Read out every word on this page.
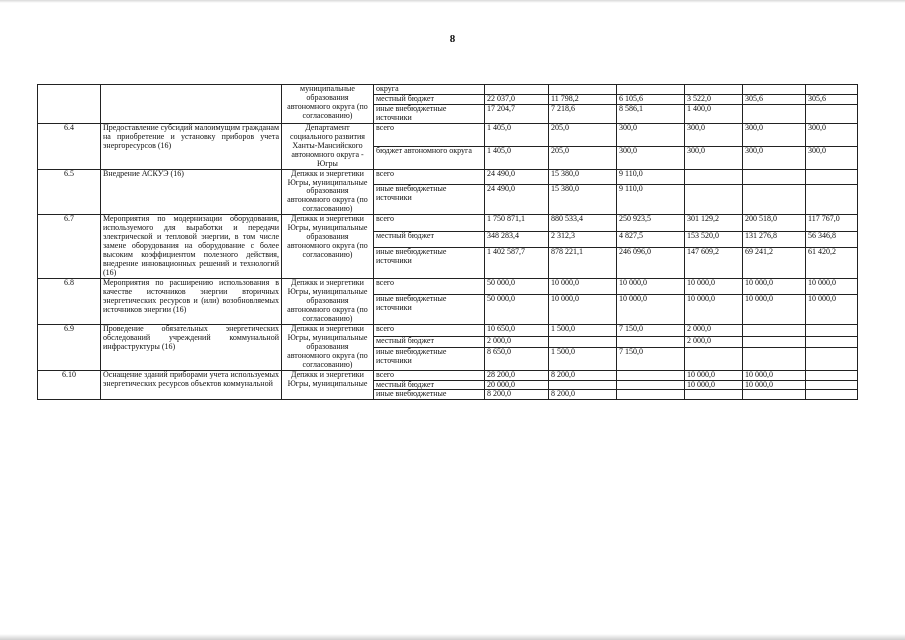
8
		муниципальные образования автономного округа (по согласованию)	округа						
			местный бюджет	22 037,0	11 798,2	6 105,6	3 522,0	305,6	305,6
			иные внебюджетные источники	17 204,7	7 218,6	8 586,1	1 400,0		
6.4	Предоставление субсидий малоимущим гражданам на приобретение и установку приборов учета энергоресурсов (16)	Департамент социального развития Ханты-Мансийского автономного округа - Югры	всего	1 405,0	205,0	300,0	300,0	300,0	300,0
			бюджет автономного округа	1 405,0	205,0	300,0	300,0	300,0	300,0
6.5	Внедрение АСКУЭ (16)	Депжкк и энергетики Югры, муниципальные образования автономного округа (по согласованию)	всего	24 490,0	15 380,0	9 110,0			
			иные внебюджетные источники	24 490,0	15 380,0	9 110,0			
6.7	Мероприятия по модернизации оборудования, используемого для выработки и передачи электрической и тепловой энергии, в том числе замене оборудования на оборудование с более высоким коэффициентом полезного действия, внедрение инновационных решений и технологий (16)	Депжкк и энергетики Югры, муниципальные образования автономного округа (по согласованию)	всего	1 750 871,1	880 533,4	250 923,5	301 129,2	200 518,0	117 767,0
			местный бюджет	348 283,4	2 312,3	4 827,5	153 520,0	131 276,8	56 346,8
			иные внебюджетные источники	1 402 587,7	878 221,1	246 096,0	147 609,2	69 241,2	61 420,2
6.8	Мероприятия по расширению использования в качестве источников энергии вторичных энергетических ресурсов и (или) возобновляемых источников энергии (16)	Депжкк и энергетики Югры, муниципальные образования автономного округа (по согласованию)	всего	50 000,0	10 000,0	10 000,0	10 000,0	10 000,0	10 000,0
			иные внебюджетные источники	50 000,0	10 000,0	10 000,0	10 000,0	10 000,0	10 000,0
6.9	Проведение обязательных энергетических обследований учреждений коммунальной инфраструктуры (16)	Депжкк и энергетики Югры, муниципальные образования автономного округа (по согласованию)	всего	10 650,0	1 500,0	7 150,0	2 000,0		
			местный бюджет	2 000,0			2 000,0		
			иные внебюджетные источники	8 650,0	1 500,0	7 150,0			
6.10	Оснащение зданий приборами учета используемых энергетических ресурсов объектов коммунальной	Депжкк и энергетики Югры, муниципальные	всего	28 200,0	8 200,0		10 000,0	10 000,0	
			местный бюджет	20 000,0			10 000,0	10 000,0	
			иные внебюджетные	8 200,0	8 200,0				
